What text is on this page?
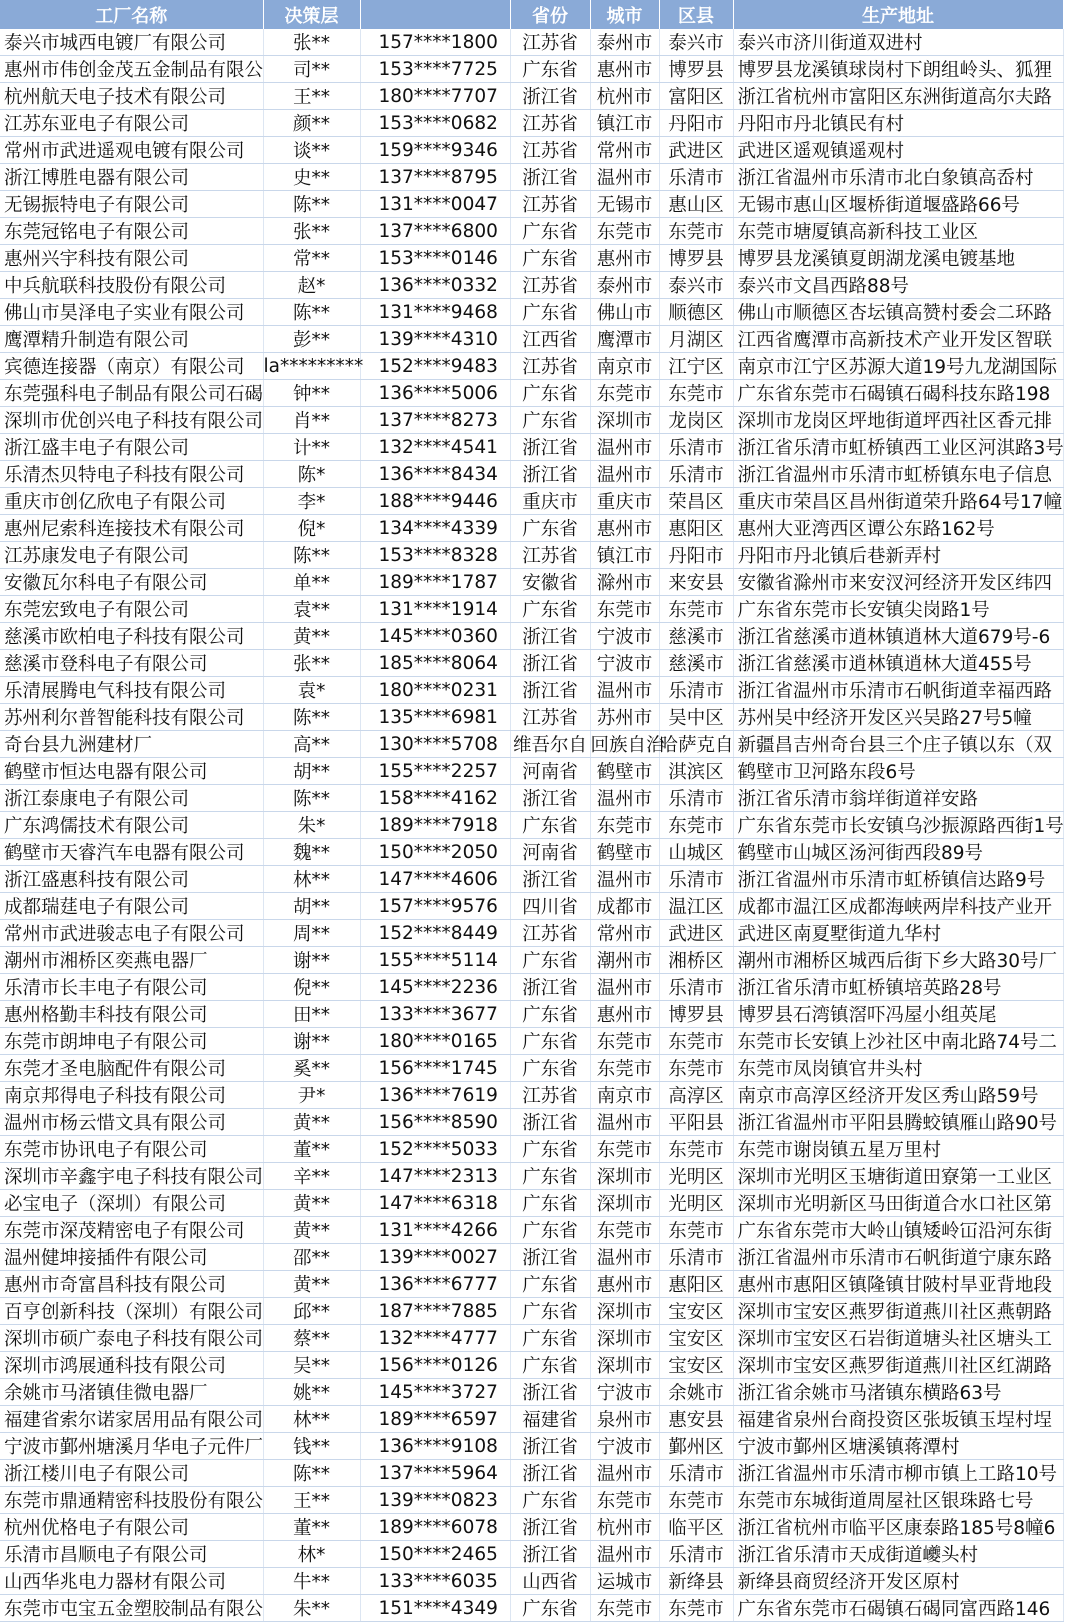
工厂名称	决策层		省份	城市	区县	生产地址
泰兴市城西电镀厂有限公司	张**	157****1800	江苏省	泰州市	泰兴市	泰兴市济川街道双进村
惠州市伟创金茂五金制品有限公	司**	153****7725	广东省	惠州市	博罗县	博罗县龙溪镇球岗村下朗组岭头、狐狸
杭州航天电子技术有限公司	王**	180****7707	浙江省	杭州市	富阳区	浙江省杭州市富阳区东洲街道高尔夫路
江苏东亚电子有限公司	颜**	153****0682	江苏省	镇江市	丹阳市	丹阳市丹北镇民有村
常州市武进遥观电镀有限公司	谈**	159****9346	江苏省	常州市	武进区	武进区遥观镇遥观村
浙江博胜电器有限公司	史**	137****8795	浙江省	温州市	乐清市	浙江省温州市乐清市北白象镇高岙村
无锡振特电子有限公司	陈**	131****0047	江苏省	无锡市	惠山区	无锡市惠山区堰桥街道堰盛路66号
东莞冠铭电子有限公司	张**	137****6800	广东省	东莞市	东莞市	东莞市塘厦镇高新科技工业区
惠州兴宇科技有限公司	常**	153****0146	广东省	惠州市	博罗县	博罗县龙溪镇夏朗湖龙溪电镀基地
中兵航联科技股份有限公司	赵*	136****0332	江苏省	泰州市	泰兴市	泰兴市文昌西路88号
佛山市昊泽电子实业有限公司	陈**	131****9468	广东省	佛山市	顺德区	佛山市顺德区杏坛镇高赞村委会二环路
鹰潭精升制造有限公司	彭**	139****4310	江西省	鹰潭市	月湖区	江西省鹰潭市高新技术产业开发区智联
宾德连接器（南京）有限公司	la*********	152****9483	江苏省	南京市	江宁区	南京市江宁区苏源大道19号九龙湖国际
东莞强科电子制品有限公司石碣	钟**	136****5006	广东省	东莞市	东莞市	广东省东莞市石碣镇石碣科技东路198
深圳市优创兴电子科技有限公司	肖**	137****8273	广东省	深圳市	龙岗区	深圳市龙岗区坪地街道坪西社区香元排
浙江盛丰电子有限公司	计**	132****4541	浙江省	温州市	乐清市	浙江省乐清市虹桥镇西工业区河淇路3号
乐清杰贝特电子科技有限公司	陈*	136****8434	浙江省	温州市	乐清市	浙江省温州市乐清市虹桥镇东电子信息
重庆市创亿欣电子有限公司	李*	188****9446	重庆市	重庆市	荣昌区	重庆市荣昌区昌州街道荣升路64号17幢
惠州尼索科连接技术有限公司	倪*	134****4339	广东省	惠州市	惠阳区	惠州大亚湾西区谭公东路162号
江苏康发电子有限公司	陈**	153****8328	江苏省	镇江市	丹阳市	丹阳市丹北镇后巷新弄村
安徽瓦尔科电子有限公司	单**	189****1787	安徽省	滁州市	来安县	安徽省滁州市来安汊河经济开发区纬四
东莞宏致电子有限公司	袁**	131****1914	广东省	东莞市	东莞市	广东省东莞市长安镇尖岗路1号
慈溪市欧柏电子科技有限公司	黄**	145****0360	浙江省	宁波市	慈溪市	浙江省慈溪市逍林镇逍林大道679号-6
慈溪市登科电子有限公司	张**	185****8064	浙江省	宁波市	慈溪市	浙江省慈溪市逍林镇逍林大道455号
乐清展腾电气科技有限公司	袁*	180****0231	浙江省	温州市	乐清市	浙江省温州市乐清市石帆街道幸福西路
苏州利尔普智能科技有限公司	陈**	135****6981	江苏省	苏州市	吴中区	苏州吴中经济开发区兴吴路27号5幢
奇台县九洲建材厂	高**	130****5708	维吾尔自	回族自治	哈萨克自	新疆昌吉州奇台县三个庄子镇以东（双
鹤壁市恒达电器有限公司	胡**	155****2257	河南省	鹤壁市	淇滨区	鹤壁市卫河路东段6号
浙江泰康电子有限公司	陈**	158****4162	浙江省	温州市	乐清市	浙江省乐清市翁垟街道祥安路
广东鸿儒技术有限公司	朱*	189****7918	广东省	东莞市	东莞市	广东省东莞市长安镇乌沙振源路西街1号
鹤壁市天睿汽车电器有限公司	魏**	150****2050	河南省	鹤壁市	山城区	鹤壁市山城区汤河街西段89号
浙江盛惠科技有限公司	林**	147****4606	浙江省	温州市	乐清市	浙江省温州市乐清市虹桥镇信达路9号
成都瑞莛电子有限公司	胡**	157****9576	四川省	成都市	温江区	成都市温江区成都海峡两岸科技产业开
常州市武进骏志电子有限公司	周**	152****8449	江苏省	常州市	武进区	武进区南夏墅街道九华村
潮州市湘桥区奕燕电器厂	谢**	155****5114	广东省	潮州市	湘桥区	潮州市湘桥区城西后街下乡大路30号厂
乐清市长丰电子有限公司	倪**	145****2236	浙江省	温州市	乐清市	浙江省乐清市虹桥镇培英路28号
惠州格勤丰科技有限公司	田**	133****3677	广东省	惠州市	博罗县	博罗县石湾镇滘吓冯屋小组英尾
东莞市朗坤电子有限公司	谢**	180****0165	广东省	东莞市	东莞市	东莞市长安镇上沙社区中南北路74号二
东莞才圣电脑配件有限公司	奚**	156****1745	广东省	东莞市	东莞市	东莞市凤岗镇官井头村
南京邦得电子科技有限公司	尹*	136****7619	江苏省	南京市	高淳区	南京市高淳区经济开发区秀山路59号
温州市杨云惜文具有限公司	黄**	156****8590	浙江省	温州市	平阳县	浙江省温州市平阳县腾蛟镇雁山路90号
东莞市协讯电子有限公司	董**	152****5033	广东省	东莞市	东莞市	东莞市谢岗镇五星万里村
深圳市辛鑫宇电子科技有限公司	辛**	147****2313	广东省	深圳市	光明区	深圳市光明区玉塘街道田寮第一工业区
必宝电子（深圳）有限公司	黄**	147****6318	广东省	深圳市	光明区	深圳市光明新区马田街道合水口社区第
东莞市深茂精密电子有限公司	黄**	131****4266	广东省	东莞市	东莞市	广东省东莞市大岭山镇矮岭冚沿河东街
温州健坤接插件有限公司	邵**	139****0027	浙江省	温州市	乐清市	浙江省温州市乐清市石帆街道宁康东路
惠州市奇富昌科技有限公司	黄**	136****6777	广东省	惠州市	惠阳区	惠州市惠阳区镇隆镇甘陂村旱亚背地段
百亨创新科技（深圳）有限公司	邱**	187****7885	广东省	深圳市	宝安区	深圳市宝安区燕罗街道燕川社区燕朝路
深圳市硕广泰电子科技有限公司	蔡**	132****4777	广东省	深圳市	宝安区	深圳市宝安区石岩街道塘头社区塘头工
深圳市鸿展通科技有限公司	吴**	156****0126	广东省	深圳市	宝安区	深圳市宝安区燕罗街道燕川社区红湖路
余姚市马渚镇佳微电器厂	姚**	145****3727	浙江省	宁波市	余姚市	浙江省余姚市马渚镇东横路63号
福建省索尔诺家居用品有限公司	林**	189****6597	福建省	泉州市	惠安县	福建省泉州台商投资区张坂镇玉埕村埕
宁波市鄞州塘溪月华电子元件厂	钱**	136****9108	浙江省	宁波市	鄞州区	宁波市鄞州区塘溪镇蒋潭村
浙江楼川电子有限公司	陈**	137****5964	浙江省	温州市	乐清市	浙江省温州市乐清市柳市镇上工路10号
东莞市鼎通精密科技股份有限公	王**	139****0823	广东省	东莞市	东莞市	东莞市东城街道周屋社区银珠路七号
杭州优格电子有限公司	董**	189****6078	浙江省	杭州市	临平区	浙江省杭州市临平区康泰路185号8幢6
乐清市昌顺电子有限公司	林*	150****2465	浙江省	温州市	乐清市	浙江省乐清市天成街道巙头村
山西华兆电力器材有限公司	牛**	133****6035	山西省	运城市	新绛县	新绛县商贸经济开发区原村
东莞市屯宝五金塑胶制品有限公	朱**	151****4349	广东省	东莞市	东莞市	广东省东莞市石碣镇石碣同富西路146
